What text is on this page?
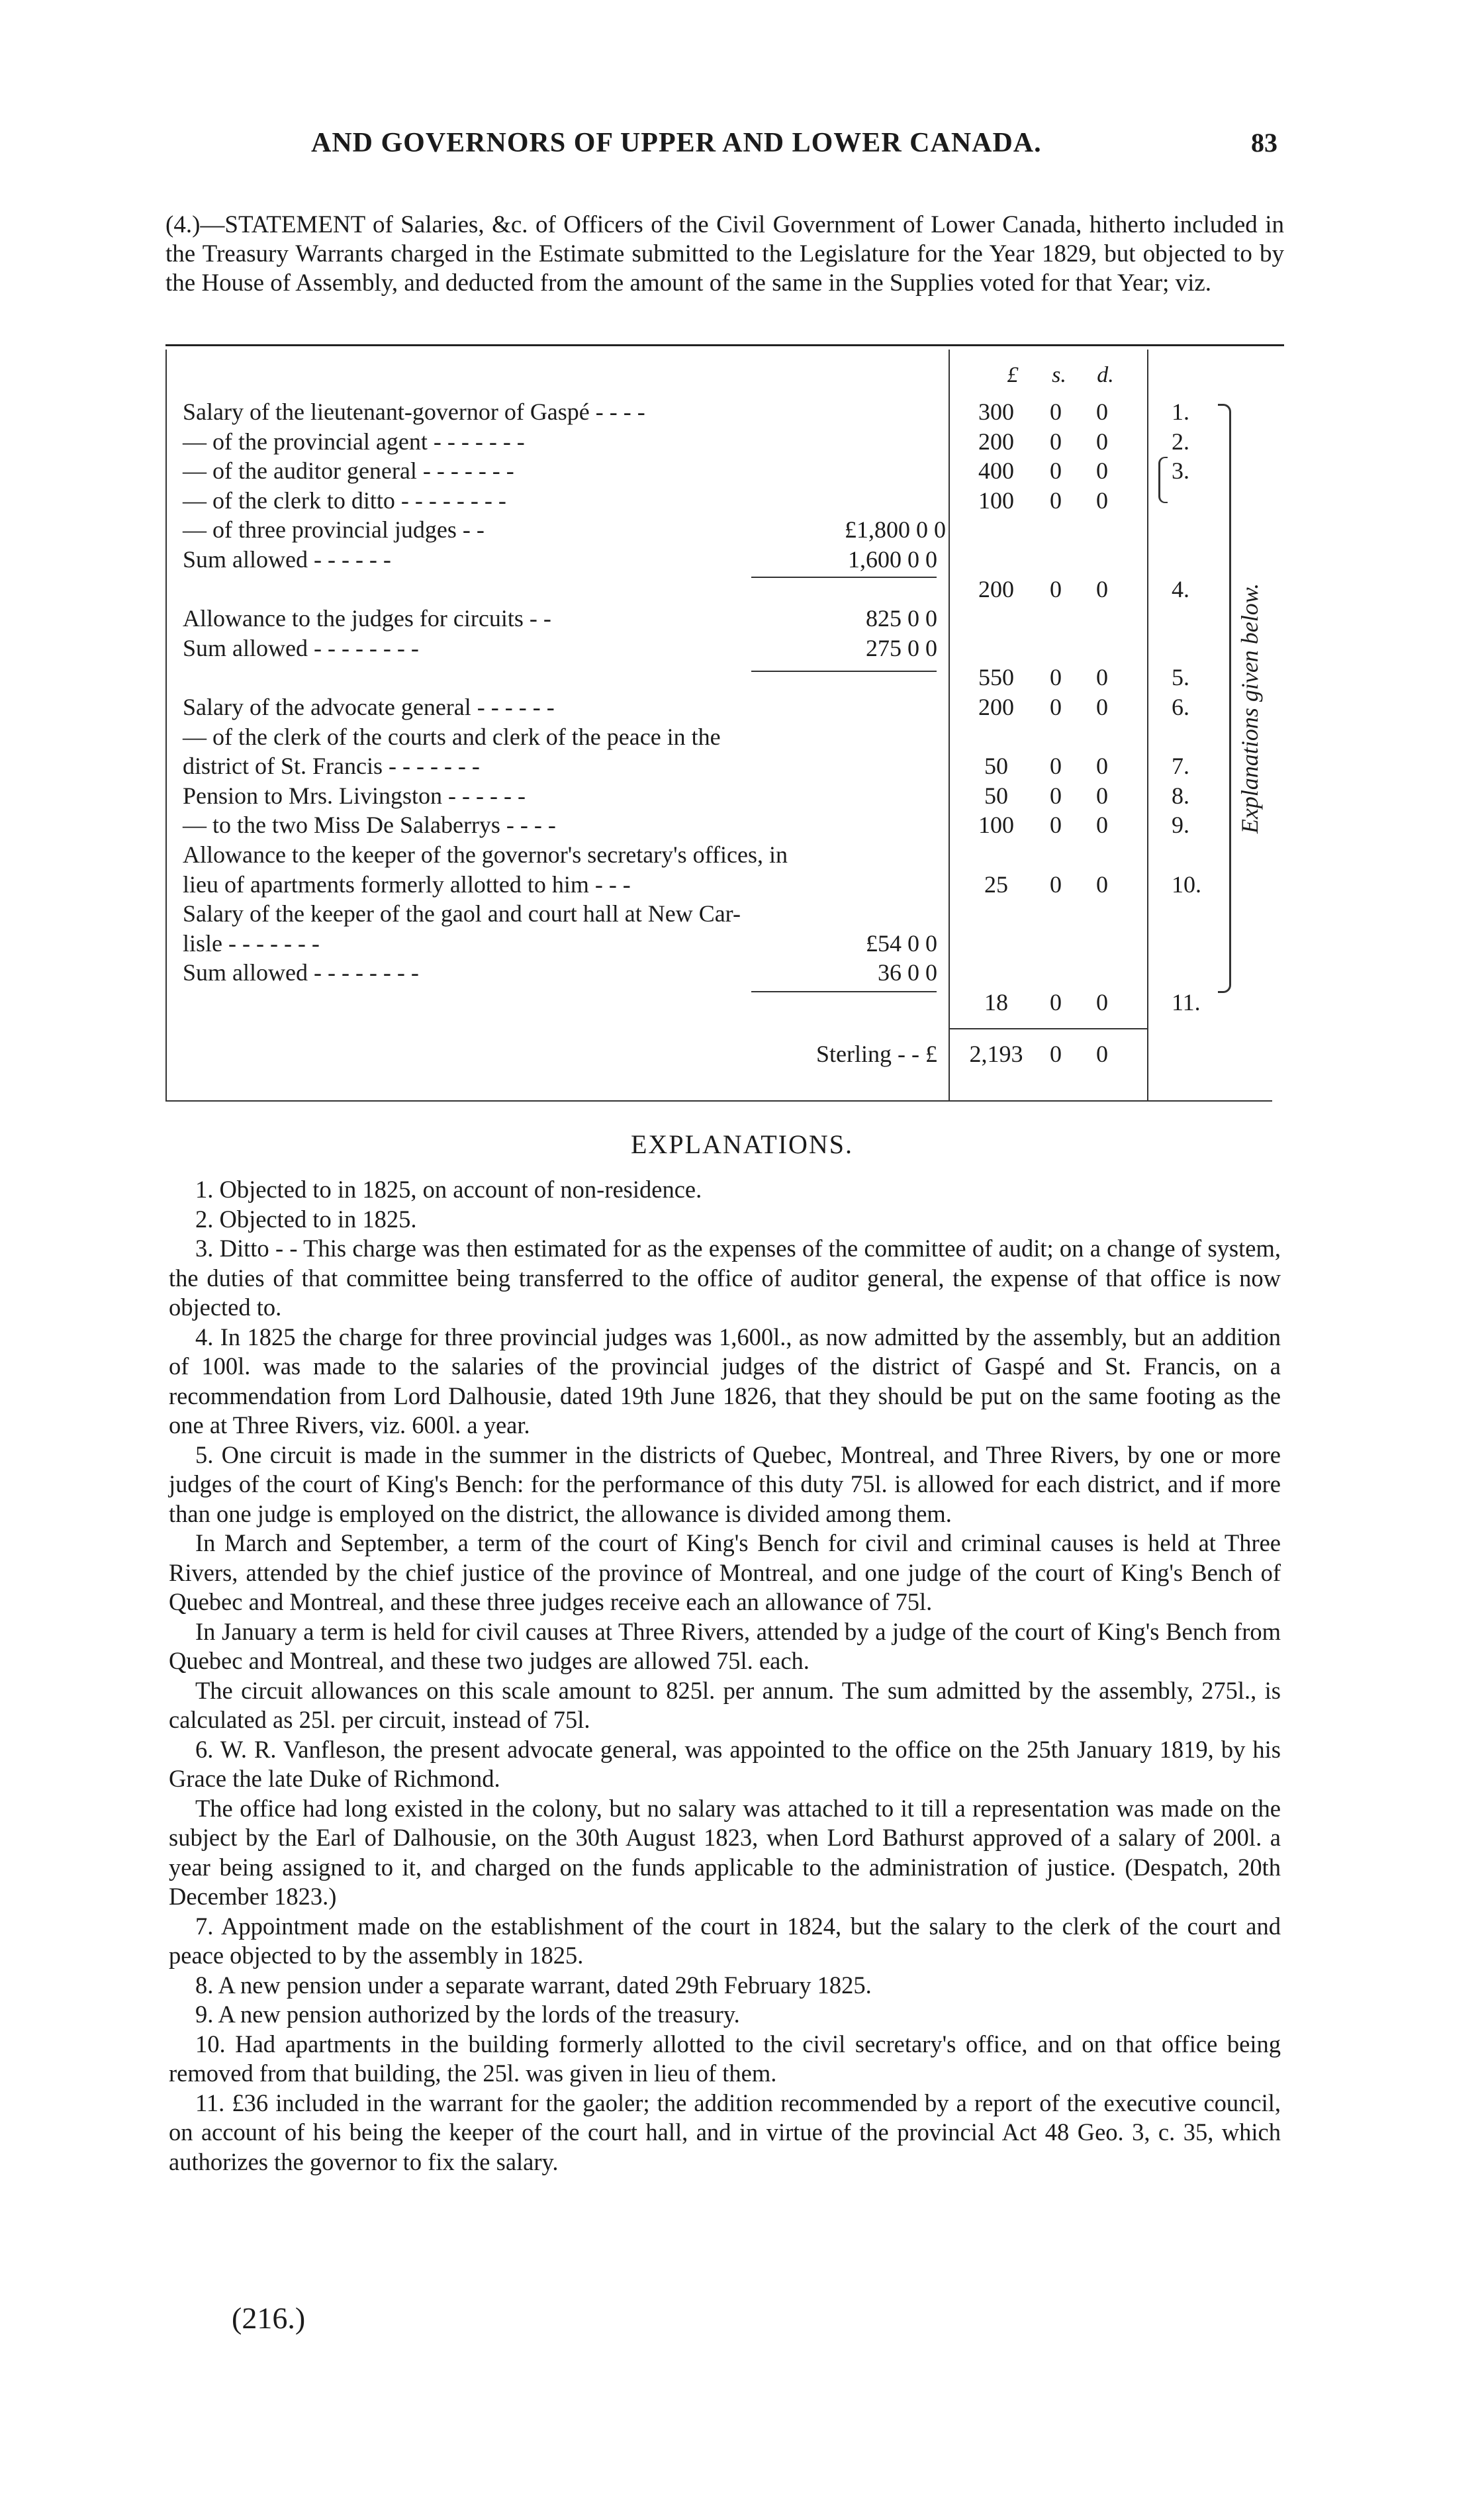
AND GOVERNORS OF UPPER AND LOWER CANADA.	83
(4.)—STATEMENT of Salaries, &c. of Officers of the Civil Government of Lower Canada, hitherto included in the Treasury Warrants charged in the Estimate submitted to the Legislature for the Year 1829, but objected to by the House of Assembly, and deducted from the amount of the same in the Supplies voted for that Year; viz.
£ s. d.
Salary of the lieutenant-governor of Gaspé - - - -	300 0 0	1.
— of the provincial agent - - - - - - -	200 0 0	2.
— of the auditor general - - - - - - -	400 0 0	3.
— of the clerk to ditto - - - - - - - -	100 0 0
— of three provincial judges - -	£1,800 0 0
Sum allowed - - - - - -	1,600 0 0
200 0 0	4.
Allowance to the judges for circuits - -	825 0 0
Sum allowed - - - - - - - -	275 0 0
550 0 0	5.
Salary of the advocate general - - - - - -	200 0 0	6.
— of the clerk of the courts and clerk of the peace in the
district of St. Francis - - - - - - -	50 0 0	7.
Pension to Mrs. Livingston - - - - - -	50 0 0	8.
— to the two Miss De Salaberrys - - - -	100 0 0	9.
Allowance to the keeper of the governor's secretary's offices, in
lieu of apartments formerly allotted to him - - -	25 0 0	10.
Salary of the keeper of the gaol and court hall at New Car-
lisle - - - - - - -	£54 0 0
Sum allowed - - - - - - - -	36 0 0
18 0 0	11.
Explanations given below.
Sterling - - £	2,193 0 0
EXPLANATIONS.

1. Objected to in 1825, on account of non-residence.

2. Objected to in 1825.

3. Ditto - - This charge was then estimated for as the expenses of the committee of audit; on a change of system, the duties of that committee being transferred to the office of auditor general, the expense of that office is now objected to.

4. In 1825 the charge for three provincial judges was 1,600l., as now admitted by the assembly, but an addition of 100l. was made to the salaries of the provincial judges of the district of Gaspé and St. Francis, on a recommendation from Lord Dalhousie, dated 19th June 1826, that they should be put on the same footing as the one at Three Rivers, viz. 600l. a year.

5. One circuit is made in the summer in the districts of Quebec, Montreal, and Three Rivers, by one or more judges of the court of King's Bench: for the performance of this duty 75l. is allowed for each district, and if more than one judge is employed on the district, the allowance is divided among them.

In March and September, a term of the court of King's Bench for civil and criminal causes is held at Three Rivers, attended by the chief justice of the province of Montreal, and one judge of the court of King's Bench of Quebec and Montreal, and these three judges receive each an allowance of 75l.

In January a term is held for civil causes at Three Rivers, attended by a judge of the court of King's Bench from Quebec and Montreal, and these two judges are allowed 75l. each.

The circuit allowances on this scale amount to 825l. per annum. The sum admitted by the assembly, 275l., is calculated as 25l. per circuit, instead of 75l.

6. W. R. Vanfleson, the present advocate general, was appointed to the office on the 25th January 1819, by his Grace the late Duke of Richmond.

The office had long existed in the colony, but no salary was attached to it till a representation was made on the subject by the Earl of Dalhousie, on the 30th August 1823, when Lord Bathurst approved of a salary of 200l. a year being assigned to it, and charged on the funds applicable to the administration of justice. (Despatch, 20th December 1823.)

7. Appointment made on the establishment of the court in 1824, but the salary to the clerk of the court and peace objected to by the assembly in 1825.

8. A new pension under a separate warrant, dated 29th February 1825.

9. A new pension authorized by the lords of the treasury.

10. Had apartments in the building formerly allotted to the civil secretary's office, and on that office being removed from that building, the 25l. was given in lieu of them.

11. £36 included in the warrant for the gaoler; the addition recommended by a report of the executive council, on account of his being the keeper of the court hall, and in virtue of the provincial Act 48 Geo. 3, c. 35, which authorizes the governor to fix the salary.

(216.)
